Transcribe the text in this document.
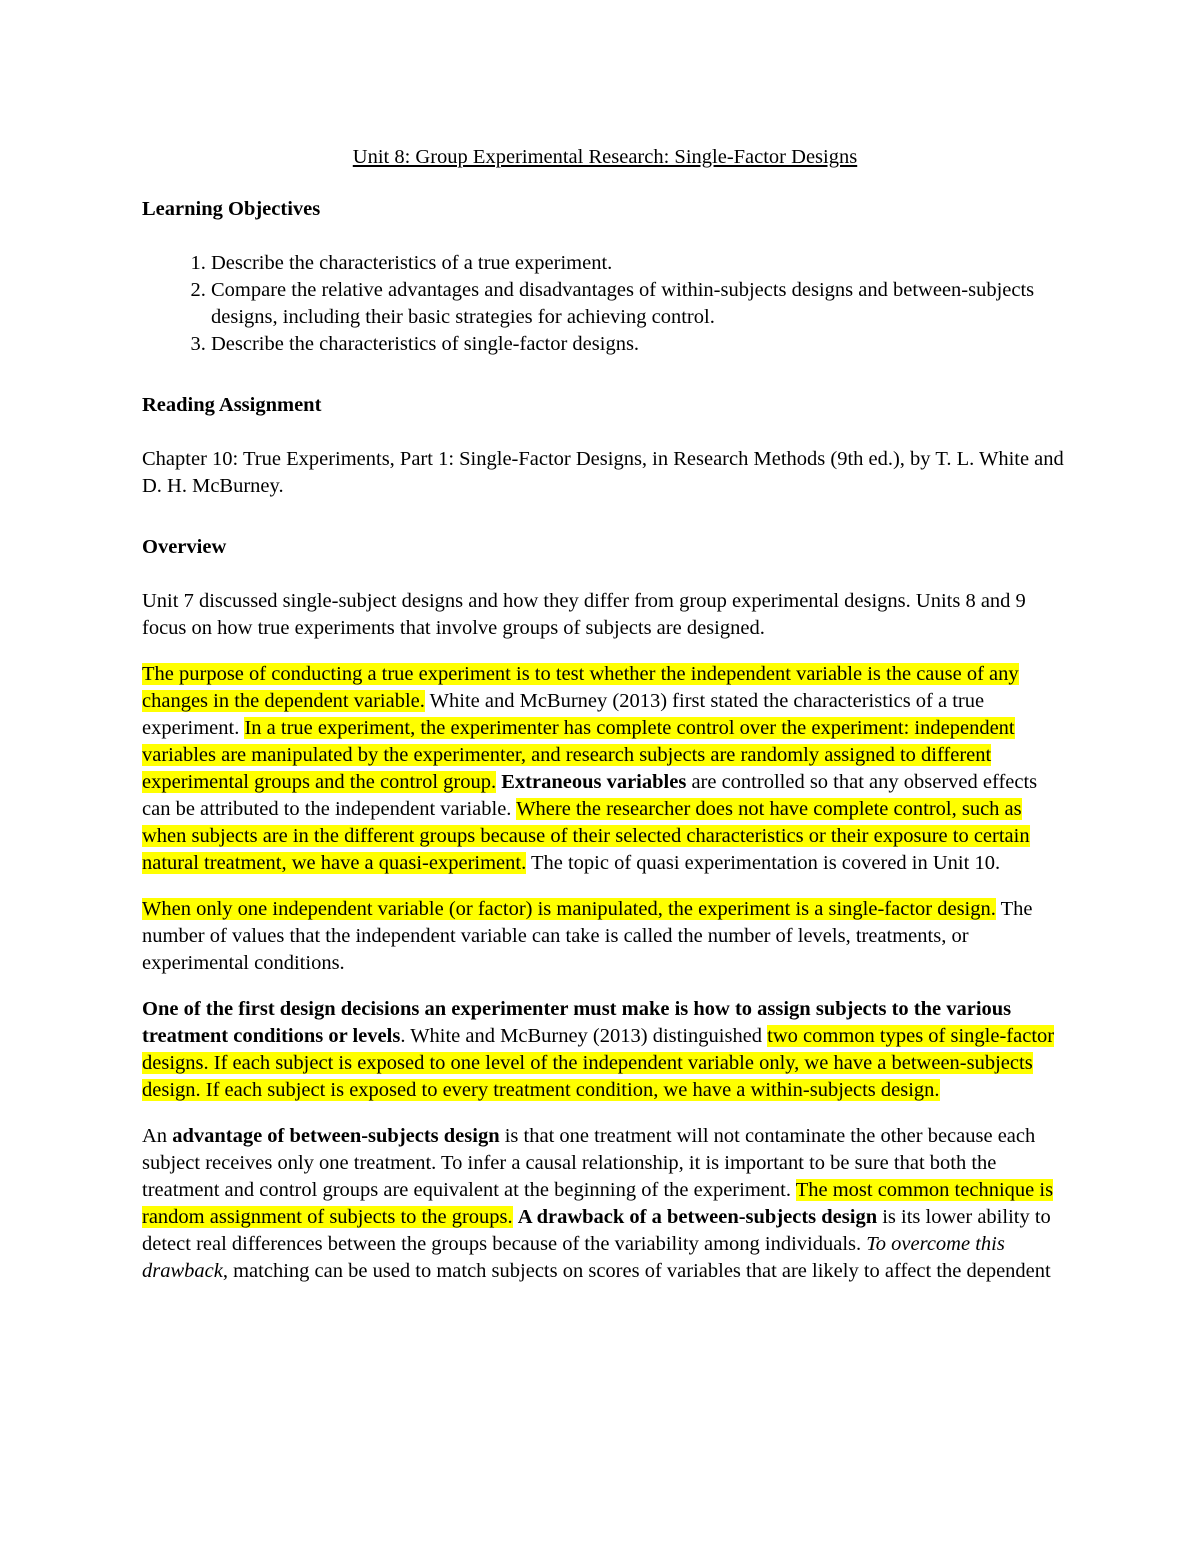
Unit 8: Group Experimental Research: Single-Factor Designs
Learning Objectives
1. Describe the characteristics of a true experiment.
2. Compare the relative advantages and disadvantages of within-subjects designs and between-subjects designs, including their basic strategies for achieving control.
3. Describe the characteristics of single-factor designs.
Reading Assignment

Chapter 10: True Experiments, Part 1: Single-Factor Designs, in Research Methods (9th ed.), by T. L. White and D. H. McBurney.

Overview

Unit 7 discussed single-subject designs and how they differ from group experimental designs. Units 8 and 9 focus on how true experiments that involve groups of subjects are designed.

The purpose of conducting a true experiment is to test whether the independent variable is the cause of any changes in the dependent variable. White and McBurney (2013) first stated the characteristics of a true experiment. In a true experiment, the experimenter has complete control over the experiment: independent variables are manipulated by the experimenter, and research subjects are randomly assigned to different experimental groups and the control group. Extraneous variables are controlled so that any observed effects can be attributed to the independent variable. Where the researcher does not have complete control, such as when subjects are in the different groups because of their selected characteristics or their exposure to certain natural treatment, we have a quasi-experiment. The topic of quasi experimentation is covered in Unit 10.

When only one independent variable (or factor) is manipulated, the experiment is a single-factor design. The number of values that the independent variable can take is called the number of levels, treatments, or experimental conditions.

One of the first design decisions an experimenter must make is how to assign subjects to the various treatment conditions or levels. White and McBurney (2013) distinguished two common types of single-factor designs. If each subject is exposed to one level of the independent variable only, we have a between-subjects design. If each subject is exposed to every treatment condition, we have a within-subjects design.

An advantage of between-subjects design is that one treatment will not contaminate the other because each subject receives only one treatment. To infer a causal relationship, it is important to be sure that both the treatment and control groups are equivalent at the beginning of the experiment. The most common technique is random assignment of subjects to the groups. A drawback of a between-subjects design is its lower ability to detect real differences between the groups because of the variability among individuals. To overcome this drawback, matching can be used to match subjects on scores of variables that are likely to affect the dependent
